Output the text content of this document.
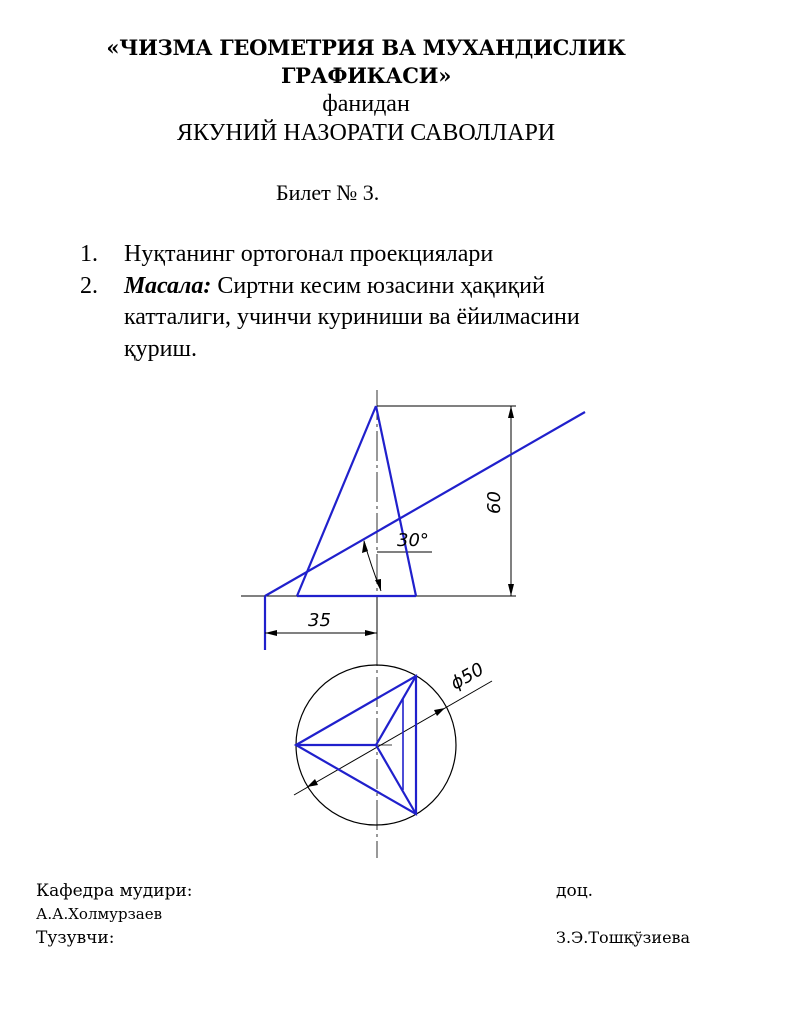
«ЧИЗМА ГЕОМЕТРИЯ ВА МУХАНДИСЛИК
ГРАФИКАСИ»
фанидан
ЯКУНИЙ НАЗОРАТИ САВОЛЛАРИ
Билет № 3.
1. Нуқтанинг ортогонал проекциялари
2. Масала: Сиртни кесим юзасини ҳақиқий
катталиги, учинчи куриниши ва ёйилмасини
қуриш.
60
35
30°
ϕ50
Кафедра мудири:	доц.
А.А.Холмурзаев
Тузувчи:	З.Э.Тошқўзиева
